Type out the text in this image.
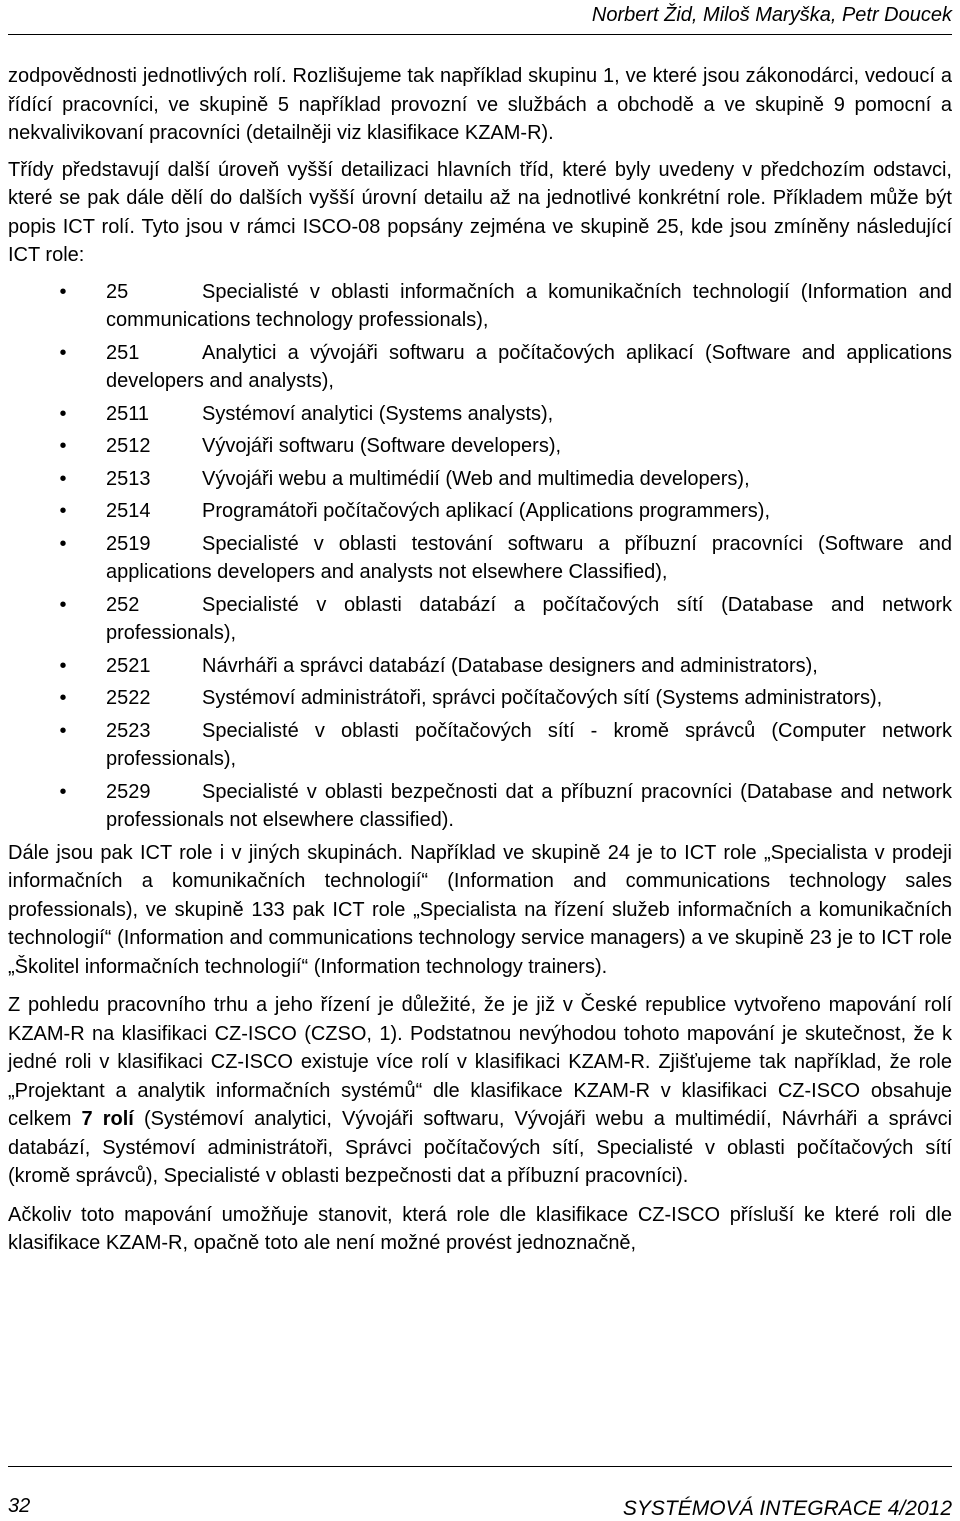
Norbert Žid, Miloš Maryška, Petr Doucek

zodpovědnosti jednotlivých rolí. Rozlišujeme tak například skupinu 1, ve které jsou zákonodárci, vedoucí a řídící pracovníci, ve skupině 5 například provozní ve službách a obchodě a ve skupině 9 pomocní a nekvalivikovaní pracovníci (detailněji viz klasifikace KZAM-R).

Třídy představují další úroveň vyšší detailizaci hlavních tříd, které byly uvedeny v předchozím odstavci, které se pak dále dělí do dalších vyšší úrovní detailu až na jednotlivé konkrétní role. Příkladem může být popis ICT rolí. Tyto jsou v rámci ISCO-08 popsány zejména ve skupině 25, kde jsou zmíněny následující ICT role:

• 25	Specialisté v oblasti informačních a komunikačních technologií (Information and communications technology professionals),
• 251	Analytici a vývojáři softwaru a počítačových aplikací (Software and applications developers and analysts),
• 2511	Systémoví analytici (Systems analysts),
• 2512	Vývojáři softwaru (Software developers),
• 2513	Vývojáři webu a multimédií (Web and multimedia developers),
• 2514	Programátoři počítačových aplikací (Applications programmers),
• 2519	Specialisté v oblasti testování softwaru a příbuzní pracovníci (Software and applications developers and analysts not elsewhere Classified),
• 252	Specialisté v oblasti databází a počítačových sítí (Database and network professionals),
• 2521	Návrháři a správci databází (Database designers and administrators),
• 2522	Systémoví administrátoři, správci počítačových sítí (Systems administrators),
• 2523	Specialisté v oblasti počítačových sítí - kromě správců (Computer network professionals),
• 2529	Specialisté v oblasti bezpečnosti dat a příbuzní pracovníci (Database and network professionals not elsewhere classified).

Dále jsou pak ICT role i v jiných skupinách. Například ve skupině 24 je to ICT role „Specialista v prodeji informačních a komunikačních technologií“ (Information and communications technology sales professionals), ve skupině 133 pak ICT role „Specialista na řízení služeb informačních a komunikačních technologií“ (Information and communications technology service managers) a ve skupině 23 je to ICT role „Školitel informačních technologií“ (Information technology trainers).

Z pohledu pracovního trhu a jeho řízení je důležité, že je již v České republice vytvořeno mapování rolí KZAM-R na klasifikaci CZ-ISCO (CZSO, 1). Podstatnou nevýhodou tohoto mapování je skutečnost, že k jedné roli v klasifikaci CZ-ISCO existuje více rolí v klasifikaci KZAM-R. Zjišťujeme tak například, že role „Projektant a analytik informačních systémů“ dle klasifikace KZAM-R v klasifikaci CZ-ISCO obsahuje celkem 7 rolí (Systémoví analytici, Vývojáři softwaru, Vývojáři webu a multimédií, Návrháři a správci databází, Systémoví administrátoři, Správci počítačových sítí, Specialisté v oblasti počítačových sítí (kromě správců), Specialisté v oblasti bezpečnosti dat a příbuzní pracovníci).

Ačkoliv toto mapování umožňuje stanovit, která role dle klasifikace CZ-ISCO přísluší ke které roli dle klasifikace KZAM-R, opačně toto ale není možné provést jednoznačně,

32	SYSTÉMOVÁ INTEGRACE 4/2012
